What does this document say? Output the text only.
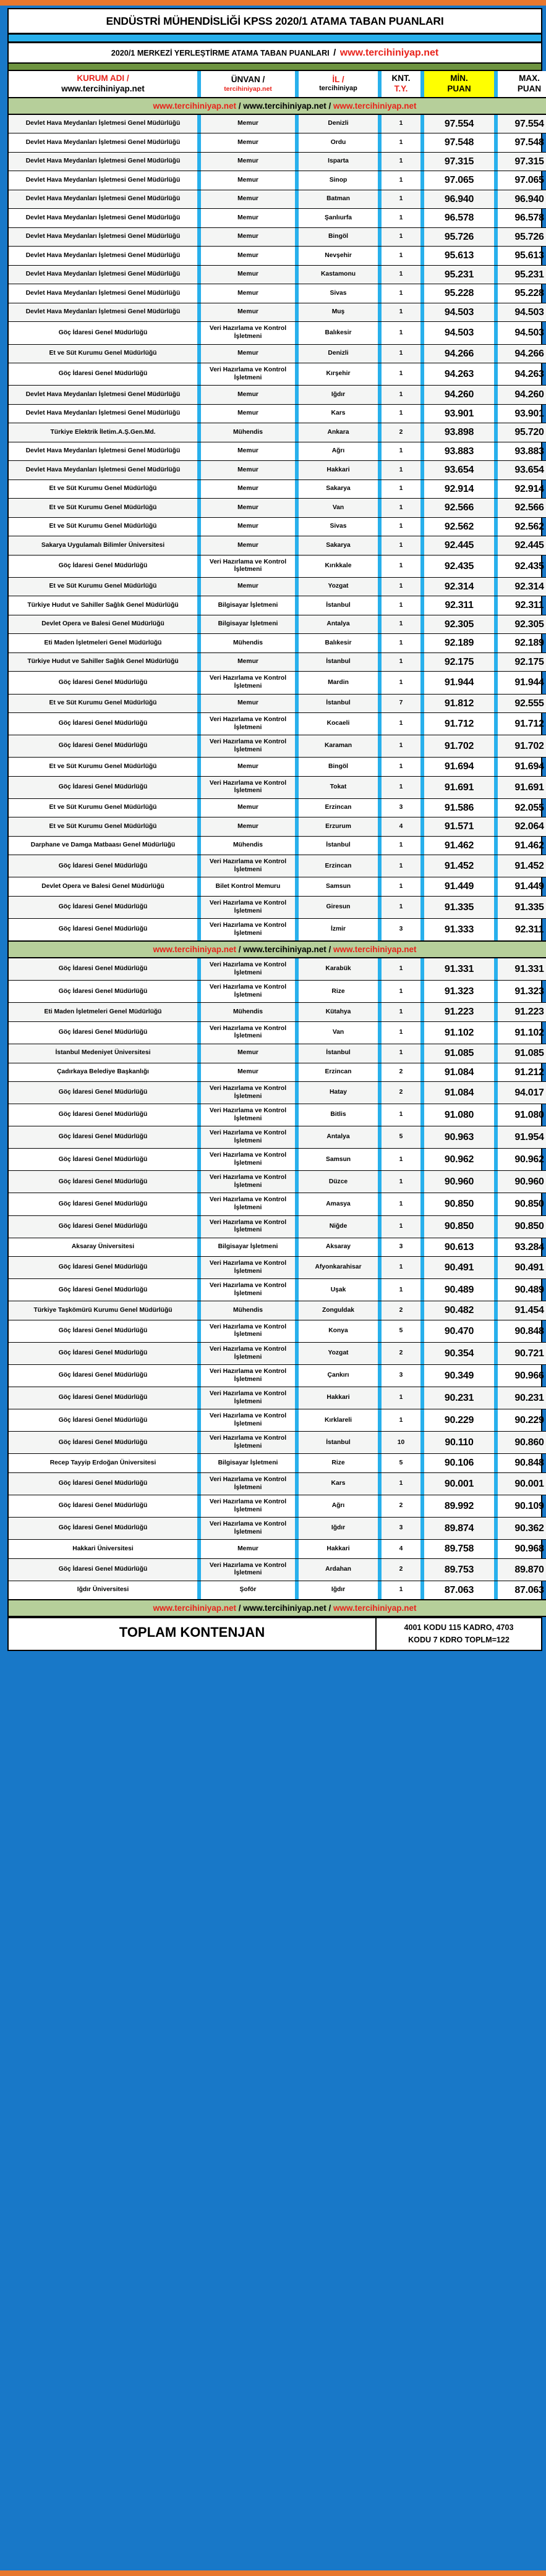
ENDÜSTRİ MÜHENDİSLİĞİ KPSS 2020/1 ATAMA TABAN PUANLARI
2020/1 MERKEZİ YERLEŞTİRME ATAMA TABAN PUANLARI / www.tercihiniyap.net
KURUM ADI /
www.tercihiniyap.net

ÜNVAN /
tercihiniyap.net

İL /
tercihiniyap

KNT.
T.Y.

MİN.
PUAN

MAX.
PUAN

www.tercihiniyap.net / www.tercihiniyap.net / www.tercihiniyap.net										
Devlet Hava Meydanları İşletmesi Genel Müdürlüğü		Memur		Denizli		1		97.554		97.554
Devlet Hava Meydanları İşletmesi Genel Müdürlüğü		Memur		Ordu		1		97.548		97.548
Devlet Hava Meydanları İşletmesi Genel Müdürlüğü		Memur		Isparta		1		97.315		97.315
Devlet Hava Meydanları İşletmesi Genel Müdürlüğü		Memur		Sinop		1		97.065		97.065
Devlet Hava Meydanları İşletmesi Genel Müdürlüğü		Memur		Batman		1		96.940		96.940
Devlet Hava Meydanları İşletmesi Genel Müdürlüğü		Memur		Şanlıurfa		1		96.578		96.578
Devlet Hava Meydanları İşletmesi Genel Müdürlüğü		Memur		Bingöl		1		95.726		95.726
Devlet Hava Meydanları İşletmesi Genel Müdürlüğü		Memur		Nevşehir		1		95.613		95.613
Devlet Hava Meydanları İşletmesi Genel Müdürlüğü		Memur		Kastamonu		1		95.231		95.231
Devlet Hava Meydanları İşletmesi Genel Müdürlüğü		Memur		Sivas		1		95.228		95.228
Devlet Hava Meydanları İşletmesi Genel Müdürlüğü		Memur		Muş		1		94.503		94.503
Göç İdaresi Genel Müdürlüğü		Veri Hazırlama ve Kontrol İşletmeni		Balıkesir		1		94.503		94.503
Et ve Süt Kurumu Genel Müdürlüğü		Memur		Denizli		1		94.266		94.266
Göç İdaresi Genel Müdürlüğü		Veri Hazırlama ve Kontrol İşletmeni		Kırşehir		1		94.263		94.263
Devlet Hava Meydanları İşletmesi Genel Müdürlüğü		Memur		Iğdır		1		94.260		94.260
Devlet Hava Meydanları İşletmesi Genel Müdürlüğü		Memur		Kars		1		93.901		93.901
Türkiye Elektrik İletim.A.Ş.Gen.Md.		Mühendis		Ankara		2		93.898		95.720
Devlet Hava Meydanları İşletmesi Genel Müdürlüğü		Memur		Ağrı		1		93.883		93.883
Devlet Hava Meydanları İşletmesi Genel Müdürlüğü		Memur		Hakkari		1		93.654		93.654
Et ve Süt Kurumu Genel Müdürlüğü		Memur		Sakarya		1		92.914		92.914
Et ve Süt Kurumu Genel Müdürlüğü		Memur		Van		1		92.566		92.566
Et ve Süt Kurumu Genel Müdürlüğü		Memur		Sivas		1		92.562		92.562
Sakarya Uygulamalı Bilimler Üniversitesi		Memur		Sakarya		1		92.445		92.445
Göç İdaresi Genel Müdürlüğü		Veri Hazırlama ve Kontrol İşletmeni		Kırıkkale		1		92.435		92.435
Et ve Süt Kurumu Genel Müdürlüğü		Memur		Yozgat		1		92.314		92.314
Türkiye Hudut ve Sahiller Sağlık Genel Müdürlüğü		Bilgisayar İşletmeni		İstanbul		1		92.311		92.311
Devlet Opera ve Balesi Genel Müdürlüğü		Bilgisayar İşletmeni		Antalya		1		92.305		92.305
Eti Maden İşletmeleri Genel Müdürlüğü		Mühendis		Balıkesir		1		92.189		92.189
Türkiye Hudut ve Sahiller Sağlık Genel Müdürlüğü		Memur		İstanbul		1		92.175		92.175
Göç İdaresi Genel Müdürlüğü		Veri Hazırlama ve Kontrol İşletmeni		Mardin		1		91.944		91.944
Et ve Süt Kurumu Genel Müdürlüğü		Memur		İstanbul		7		91.812		92.555
Göç İdaresi Genel Müdürlüğü		Veri Hazırlama ve Kontrol İşletmeni		Kocaeli		1		91.712		91.712
Göç İdaresi Genel Müdürlüğü		Veri Hazırlama ve Kontrol İşletmeni		Karaman		1		91.702		91.702
Et ve Süt Kurumu Genel Müdürlüğü		Memur		Bingöl		1		91.694		91.694
Göç İdaresi Genel Müdürlüğü		Veri Hazırlama ve Kontrol İşletmeni		Tokat		1		91.691		91.691
Et ve Süt Kurumu Genel Müdürlüğü		Memur		Erzincan		3		91.586		92.055
Et ve Süt Kurumu Genel Müdürlüğü		Memur		Erzurum		4		91.571		92.064
Darphane ve Damga Matbaası Genel Müdürlüğü		Mühendis		İstanbul		1		91.462		91.462
Göç İdaresi Genel Müdürlüğü		Veri Hazırlama ve Kontrol İşletmeni		Erzincan		1		91.452		91.452
Devlet Opera ve Balesi Genel Müdürlüğü		Bilet Kontrol Memuru		Samsun		1		91.449		91.449
Göç İdaresi Genel Müdürlüğü		Veri Hazırlama ve Kontrol İşletmeni		Giresun		1		91.335		91.335
Göç İdaresi Genel Müdürlüğü		Veri Hazırlama ve Kontrol İşletmeni		İzmir		3		91.333		92.311
www.tercihiniyap.net / www.tercihiniyap.net / www.tercihiniyap.net										
Göç İdaresi Genel Müdürlüğü		Veri Hazırlama ve Kontrol İşletmeni		Karabük		1		91.331		91.331
Göç İdaresi Genel Müdürlüğü		Veri Hazırlama ve Kontrol İşletmeni		Rize		1		91.323		91.323
Eti Maden İşletmeleri Genel Müdürlüğü		Mühendis		Kütahya		1		91.223		91.223
Göç İdaresi Genel Müdürlüğü		Veri Hazırlama ve Kontrol İşletmeni		Van		1		91.102		91.102
İstanbul Medeniyet Üniversitesi		Memur		İstanbul		1		91.085		91.085
Çadırkaya Belediye Başkanlığı		Memur		Erzincan		2		91.084		91.212
Göç İdaresi Genel Müdürlüğü		Veri Hazırlama ve Kontrol İşletmeni		Hatay		2		91.084		94.017
Göç İdaresi Genel Müdürlüğü		Veri Hazırlama ve Kontrol İşletmeni		Bitlis		1		91.080		91.080
Göç İdaresi Genel Müdürlüğü		Veri Hazırlama ve Kontrol İşletmeni		Antalya		5		90.963		91.954
Göç İdaresi Genel Müdürlüğü		Veri Hazırlama ve Kontrol İşletmeni		Samsun		1		90.962		90.962
Göç İdaresi Genel Müdürlüğü		Veri Hazırlama ve Kontrol İşletmeni		Düzce		1		90.960		90.960
Göç İdaresi Genel Müdürlüğü		Veri Hazırlama ve Kontrol İşletmeni		Amasya		1		90.850		90.850
Göç İdaresi Genel Müdürlüğü		Veri Hazırlama ve Kontrol İşletmeni		Niğde		1		90.850		90.850
Aksaray Üniversitesi		Bilgisayar İşletmeni		Aksaray		3		90.613		93.284
Göç İdaresi Genel Müdürlüğü		Veri Hazırlama ve Kontrol İşletmeni		Afyonkarahisar		1		90.491		90.491
Göç İdaresi Genel Müdürlüğü		Veri Hazırlama ve Kontrol İşletmeni		Uşak		1		90.489		90.489
Türkiye Taşkömürü Kurumu Genel Müdürlüğü		Mühendis		Zonguldak		2		90.482		91.454
Göç İdaresi Genel Müdürlüğü		Veri Hazırlama ve Kontrol İşletmeni		Konya		5		90.470		90.848
Göç İdaresi Genel Müdürlüğü		Veri Hazırlama ve Kontrol İşletmeni		Yozgat		2		90.354		90.721
Göç İdaresi Genel Müdürlüğü		Veri Hazırlama ve Kontrol İşletmeni		Çankırı		3		90.349		90.966
Göç İdaresi Genel Müdürlüğü		Veri Hazırlama ve Kontrol İşletmeni		Hakkari		1		90.231		90.231
Göç İdaresi Genel Müdürlüğü		Veri Hazırlama ve Kontrol İşletmeni		Kırklareli		1		90.229		90.229
Göç İdaresi Genel Müdürlüğü		Veri Hazırlama ve Kontrol İşletmeni		İstanbul		10		90.110		90.860
Recep Tayyip Erdoğan Üniversitesi		Bilgisayar İşletmeni		Rize		5		90.106		90.848
Göç İdaresi Genel Müdürlüğü		Veri Hazırlama ve Kontrol İşletmeni		Kars		1		90.001		90.001
Göç İdaresi Genel Müdürlüğü		Veri Hazırlama ve Kontrol İşletmeni		Ağrı		2		89.992		90.109
Göç İdaresi Genel Müdürlüğü		Veri Hazırlama ve Kontrol İşletmeni		Iğdır		3		89.874		90.362
Hakkari Üniversitesi		Memur		Hakkari		4		89.758		90.968
Göç İdaresi Genel Müdürlüğü		Veri Hazırlama ve Kontrol İşletmeni		Ardahan		2		89.753		89.870
Iğdır Üniversitesi		Şoför		Iğdır		1		87.063		87.063
www.tercihiniyap.net / www.tercihiniyap.net / www.tercihiniyap.net										
TOPLAM KONTENJAN	4001 KODU 115 KADRO, 4703
KODU 7 KDRO TOPLM=122
